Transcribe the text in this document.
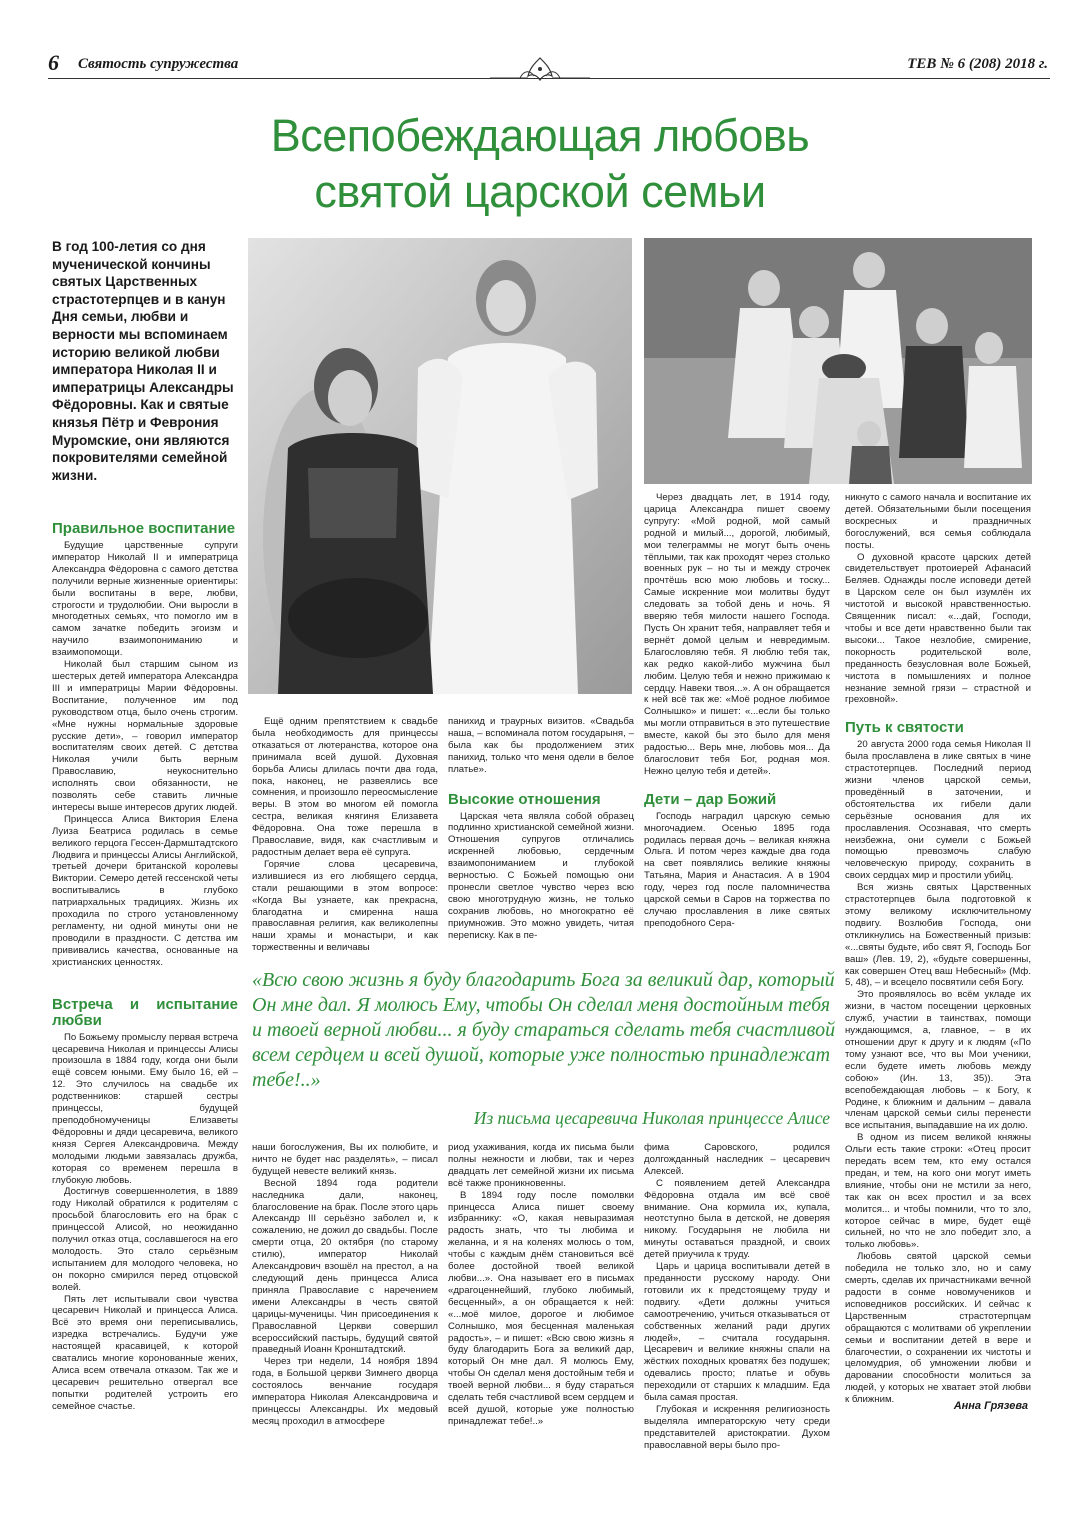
6 Святость супружества	ТЕВ № 6 (208) 2018 г.
Всепобеждающая любовь
святой царской семьи
В год 100-летия со дня мученической кончины святых Царственных страстотерпцев и в канун Дня семьи, любви и верности мы вспоминаем историю великой любви императора Николая II и императрицы Александры Фёдоровны. Как и святые князья Пётр и Феврония Муромские, они являются покровителями семейной жизни.
Правильное воспитание

Будущие царственные супруги император Николай II и императрица Александра Фёдоровна с самого детства получили верные жизненные ориентиры: были воспитаны в вере, любви, строгости и трудолюбии. Они выросли в многодетных семьях, что помогло им в самом зачатке победить эгоизм и научило взаимопониманию и взаимопомощи.

Николай был старшим сыном из шестерых детей императора Александра III и императрицы Марии Фёдоровны. Воспитание, полученное им под руководством отца, было очень строгим. «Мне нужны нормальные здоровые русские дети», – говорил император воспитателям своих детей. С детства Николая учили быть верным Православию, неукоснительно исполнять свои обязанности, не позволять себе ставить личные интересы выше интересов других людей.

Принцесса Алиса Виктория Елена Луиза Беатриса родилась в семье великого герцога Гессен-Дармштадтского Людвига и принцессы Алисы Английской, третьей дочери британской королевы Виктории. Семеро детей гессенской четы воспитывались в глубоко патриархальных традициях. Жизнь их проходила по строго установленному регламенту, ни одной минуты они не проводили в праздности. С детства им прививались качества, основанные на христианских ценностях.

Встреча и испытание любви

По Божьему промыслу первая встреча цесаревича Николая и принцессы Алисы произошла в 1884 году, когда они были ещё совсем юными. Ему было 16, ей – 12. Это случилось на свадьбе их родственников: старшей сестры принцессы, будущей преподобномученицы Елизаветы Фёдоровны и дяди цесаревича, великого князя Сергея Александровича. Между молодыми людьми завязалась дружба, которая со временем перешла в глубокую любовь.

Достигнув совершеннолетия, в 1889 году Николай обратился к родителям с просьбой благословить его на брак с принцессой Алисой, но неожиданно получил отказ отца, сославшегося на его молодость. Это стало серьёзным испытанием для молодого человека, но он покорно смирился перед отцовской волей.

Пять лет испытывали свои чувства цесаревич Николай и принцесса Алиса. Всё это время они переписывались, изредка встречались. Будучи уже настоящей красавицей, к которой сватались многие коронованные жених, Алиса всем отвечала отказом. Так же и цесаревич решительно отвергал все попытки родителей устроить его семейное счастье.

Ещё одним препятствием к свадьбе была необходимость для принцессы отказаться от лютеранства, которое она принимала всей душой. Духовная борьба Алисы длилась почти два года, пока, наконец, не развеялись все сомнения, и произошло переосмысление веры. В этом во многом ей помогла сестра, великая княгиня Елизавета Фёдоровна. Она тоже перешла в Православие, видя, как счастливым и радостным делает вера её супруга.

Горячие слова цесаревича, излившиеся из его любящего сердца, стали решающими в этом вопросе: «Когда Вы узнаете, как прекрасна, благодатна и смиренна наша православная религия, как великолепны наши храмы и монастыри, и как торжественны и величавы

наши богослужения, Вы их полюбите, и ничто не будет нас разделять», – писал будущей невесте великий князь.

Весной 1894 года родители наследника дали, наконец, благословение на брак. После этого царь Александр III серьёзно заболел и, к сожалению, не дожил до свадьбы. После смерти отца, 20 октября (по старому стилю), император Николай Александрович взошёл на престол, а на следующий день принцесса Алиса приняла Православие с наречением имени Александры в честь святой царицы-мученицы. Чин присоединения к Православной Церкви совершил всероссийский пастырь, будущий святой праведный Иоанн Кронштадтский.

Через три недели, 14 ноября 1894 года, в Большой церкви Зимнего дворца состоялось венчание государя императора Николая Александровича и принцессы Александры. Их медовый месяц проходил в атмосфере

панихид и траурных визитов. «Свадьба наша, – вспоминала потом государыня, – была как бы продолжением этих панихид, только что меня одели в белое платье».

Высокие отношения

Царская чета являла собой образец подлинно христианской семейной жизни. Отношения супругов отличались искренней любовью, сердечным взаимопониманием и глубокой верностью. С Божьей помощью они пронесли светлое чувство через всю свою многотрудную жизнь, не только сохранив любовь, но многократно её приумножив. Это можно увидеть, читая переписку. Как в пе-

риод ухаживания, когда их письма были полны нежности и любви, так и через двадцать лет семейной жизни их письма всё также проникновенны.

В 1894 году после помолвки принцесса Алиса пишет своему избраннику: «О, какая невыразимая радость знать, что ты любима и желанна, и я на коленях молюсь о том, чтобы с каждым днём становиться всё более достойной твоей великой любви...». Она называет его в письмах «драгоценнейший, глубоко любимый, бесценный», а он обращается к ней: «...моё милое, дорогое и любимое Солнышко, моя бесценная маленькая радость», – и пишет: «Всю свою жизнь я буду благодарить Бога за великий дар, который Он мне дал. Я молюсь Ему, чтобы Он сделал меня достойным тебя и твоей верной любви... я буду стараться сделать тебя счастливой всем сердцем и всей душой, которые уже полностью принадлежат тебе!..»

Через двадцать лет, в 1914 году, царица Александра пишет своему супругу: «Мой родной, мой самый родной и милый..., дорогой, любимый, мои телеграммы не могут быть очень тёплыми, так как проходят через столько военных рук – но ты и между строчек прочтёшь всю мою любовь и тоску... Самые искренние мои молитвы будут следовать за тобой день и ночь. Я вверяю тебя милости нашего Господа. Пусть Он хранит тебя, направляет тебя и вернёт домой целым и невредимым. Благословляю тебя. Я люблю тебя так, как редко какой-либо мужчина был любим. Целую тебя и нежно прижимаю к сердцу. Навеки твоя...». А он обращается к ней всё так же: «Моё родное любимое Солнышко» и пишет: «...если бы только мы могли отправиться в это путешествие вместе, какой бы это было для меня радостью... Верь мне, любовь моя... Да благословит тебя Бог, родная моя. Нежно целую тебя и детей».

Дети – дар Божий

Господь наградил царскую семью многочадием. Осенью 1895 года родилась первая дочь – великая княжна Ольга. И потом через каждые два года на свет появлялись великие княжны Татьяна, Мария и Анастасия. А в 1904 году, через год после паломничества царской семьи в Саров на торжества по случаю прославления в лике святых преподобного Сера-

фима Саровского, родился долгожданный наследник – цесаревич Алексей.

С появлением детей Александра Фёдоровна отдала им всё своё внимание. Она кормила их, купала, неотступно была в детской, не доверяя никому. Государыня не любила ни минуты оставаться праздной, и своих детей приучила к труду.

Царь и царица воспитывали детей в преданности русскому народу. Они готовили их к предстоящему труду и подвигу. «Дети должны учиться самоотречению, учиться отказываться от собственных желаний ради других людей», – считала государыня. Цесаревич и великие княжны спали на жёстких походных кроватях без подушек; одевались просто; платье и обувь переходили от старших к младшим. Еда была самая простая.

Глубокая и искренняя религиозность выделяла императорскую чету среди представителей аристократии. Духом православной веры было про-

никнуто с самого начала и воспитание их детей. Обязательными были посещения воскресных и праздничных богослужений, вся семья соблюдала посты.

О духовной красоте царских детей свидетельствует протоиерей Афанасий Беляев. Однажды после исповеди детей в Царском селе он был изумлён их чистотой и высокой нравственностью. Священник писал: «...дай, Господи, чтобы и все дети нравственно были так высоки... Такое незлобие, смирение, покорность родительской воле, преданность безусловная воле Божьей, чистота в помышлениях и полное незнание земной грязи – страстной и греховной».

Путь к святости

20 августа 2000 года семья Николая II была прославлена в лике святых в чине страстотерпцев. Последний период жизни членов царской семьи, проведённый в заточении, и обстоятельства их гибели дали серьёзные основания для их прославления. Осознавая, что смерть неизбежна, они сумели с Божьей помощью превозмочь слабую человеческую природу, сохранить в своих сердцах мир и простили убийц.

Вся жизнь святых Царственных страстотерпцев была подготовкой к этому великому исключительному подвигу. Возлюбив Господа, они откликнулись на Божественный призыв: «...святы будьте, ибо свят Я, Господь Бог ваш» (Лев. 19, 2), «будьте совершенны, как совершен Отец ваш Небесный» (Мф. 5, 48), – и всецело посвятили себя Богу.

Это проявлялось во всём укладе их жизни, в частом посещении церковных служб, участии в таинствах, помощи нуждающимся, а, главное, – в их отношении друг к другу и к людям («По тому узнают все, что вы Мои ученики, если будете иметь любовь между собою» (Ин. 13, 35)). Эта всепобеждающая любовь – к Богу, к Родине, к ближним и дальним – давала членам царской семьи силы перенести все испытания, выпадавшие на их долю.

В одном из писем великой княжны Ольги есть такие строки: «Отец просит передать всем тем, кто ему остался предан, и тем, на кого они могут иметь влияние, чтобы они не мстили за него, так как он всех простил и за всех молится... и чтобы помнили, что то зло, которое сейчас в мире, будет ещё сильней, но что не зло победит зло, а только любовь».

Любовь святой царской семьи победила не только зло, но и саму смерть, сделав их причастниками вечной радости в сонме новомучеников и исповедников российских. И сейчас к Царственным страстотерпцам обращаются с молитвами об укреплении семьи и воспитании детей в вере и благочестии, о сохранении их чистоты и целомудрия, об умножении любви и даровании способности молиться за людей, у которых не хватает этой любви к ближним.

«Всю свою жизнь я буду благодарить Бога за великий дар, который Он мне дал. Я молюсь Ему, чтобы Он сделал меня достойным тебя и твоей верной любви... я буду стараться сделать тебя счастливой всем сердцем и всей душой, которые уже полностью принадлежат тебе!..»
Из письма цесаревича Николая принцессе Алисе
Анна Грязева
